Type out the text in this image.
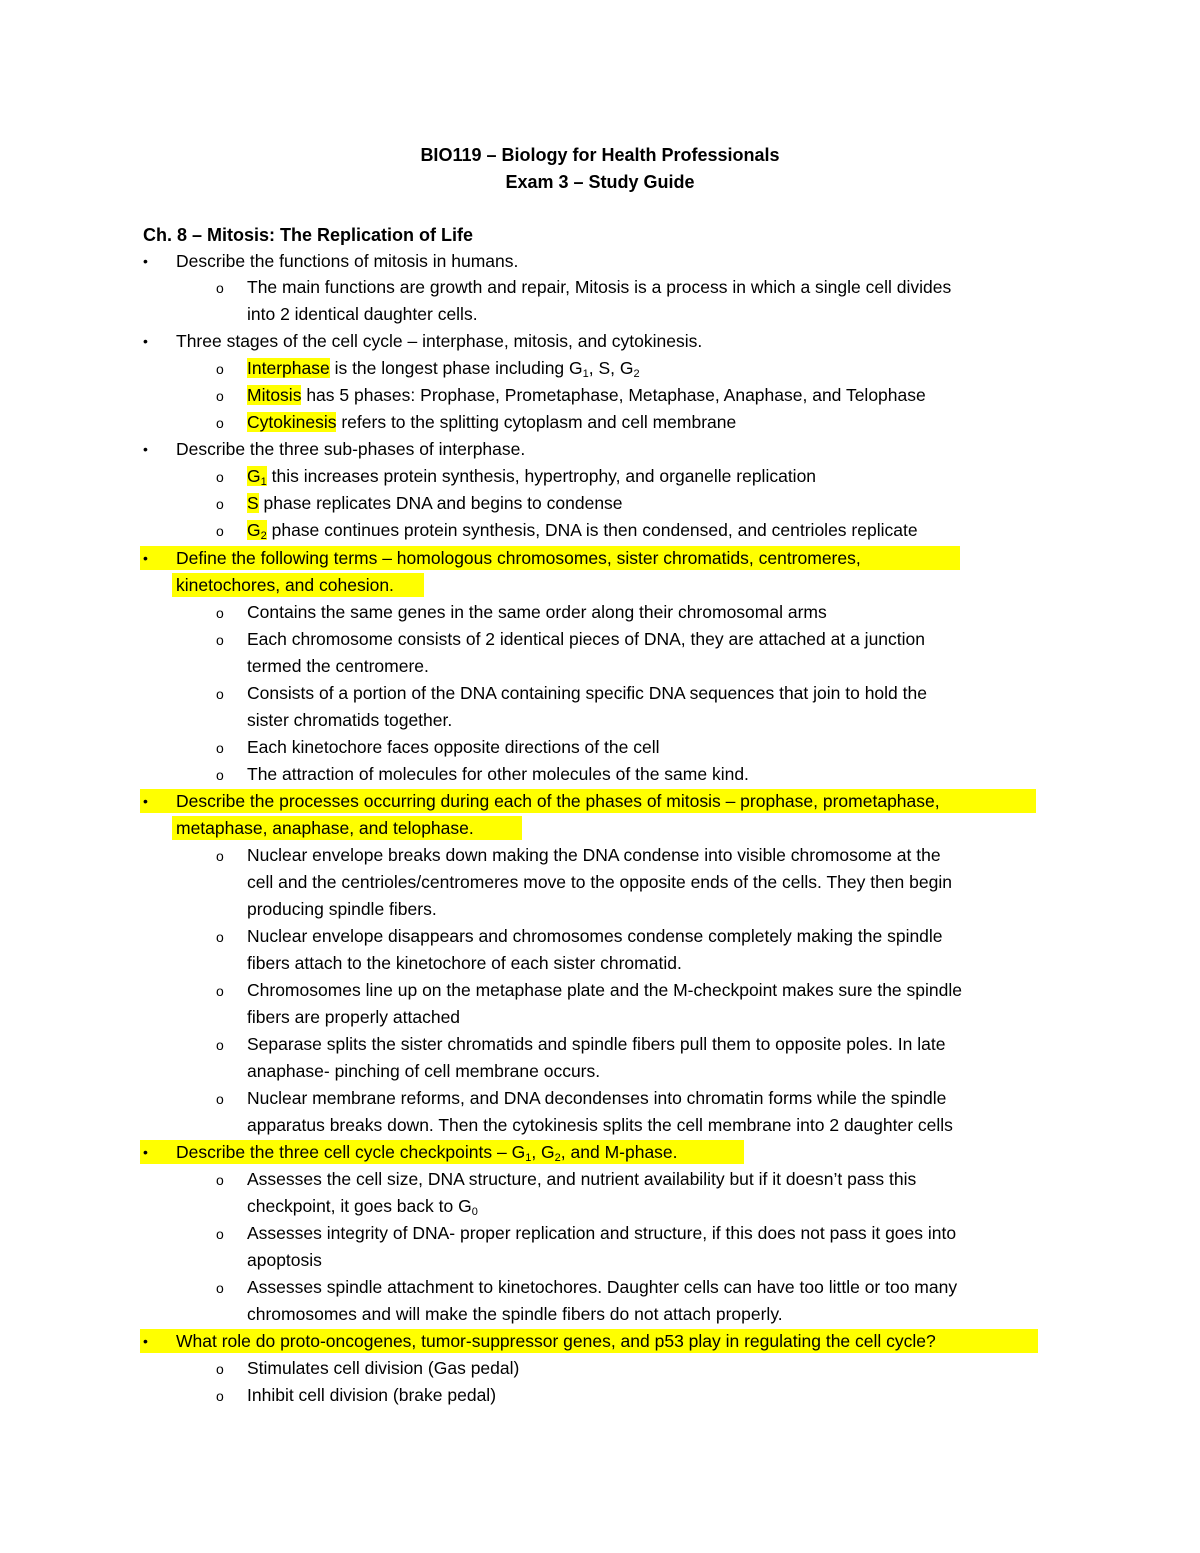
BIO119 – Biology for Health Professionals
Exam 3 – Study Guide
Ch. 8 – Mitosis: The Replication of Life
• Describe the functions of mitosis in humans.
o The main functions are growth and repair, Mitosis is a process in which a single cell divides
into 2 identical daughter cells.
• Three stages of the cell cycle – interphase, mitosis, and cytokinesis.
o Interphase is the longest phase including $G_1$, S, $G_2$
o Mitosis has 5 phases: Prophase, Prometaphase, Metaphase, Anaphase, and Telophase
o Cytokinesis refers to the splitting cytoplasm and cell membrane
• Describe the three sub-phases of interphase.
o $G_1$ this increases protein synthesis, hypertrophy, and organelle replication
o S phase replicates DNA and begins to condense
o $G_2$ phase continues protein synthesis, DNA is then condensed, and centrioles replicate
• Define the following terms – homologous chromosomes, sister chromatids, centromeres,
kinetochores, and cohesion.
o Contains the same genes in the same order along their chromosomal arms
o Each chromosome consists of 2 identical pieces of DNA, they are attached at a junction
termed the centromere.
o Consists of a portion of the DNA containing specific DNA sequences that join to hold the
sister chromatids together.
o Each kinetochore faces opposite directions of the cell
o The attraction of molecules for other molecules of the same kind.
• Describe the processes occurring during each of the phases of mitosis – prophase, prometaphase,
metaphase, anaphase, and telophase.
o Nuclear envelope breaks down making the DNA condense into visible chromosome at the
cell and the centrioles/centromeres move to the opposite ends of the cells. They then begin
producing spindle fibers.
o Nuclear envelope disappears and chromosomes condense completely making the spindle
fibers attach to the kinetochore of each sister chromatid.
o Chromosomes line up on the metaphase plate and the M-checkpoint makes sure the spindle
fibers are properly attached
o Separase splits the sister chromatids and spindle fibers pull them to opposite poles. In late
anaphase- pinching of cell membrane occurs.
o Nuclear membrane reforms, and DNA decondenses into chromatin forms while the spindle
apparatus breaks down. Then the cytokinesis splits the cell membrane into 2 daughter cells
• Describe the three cell cycle checkpoints – $G_1$, $G_2$, and M-phase.
o Assesses the cell size, DNA structure, and nutrient availability but if it doesn’t pass this
checkpoint, it goes back to $G_0$
o Assesses integrity of DNA- proper replication and structure, if this does not pass it goes into
apoptosis
o Assesses spindle attachment to kinetochores. Daughter cells can have too little or too many
chromosomes and will make the spindle fibers do not attach properly.
• What role do proto-oncogenes, tumor-suppressor genes, and p53 play in regulating the cell cycle?
o Stimulates cell division (Gas pedal)
o Inhibit cell division (brake pedal)
